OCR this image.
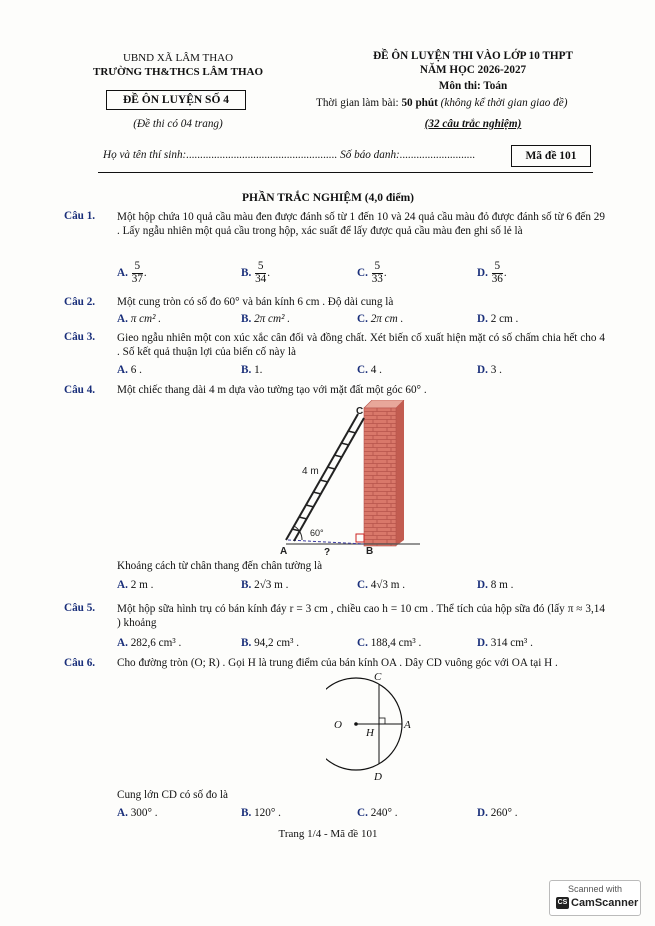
UBND XÃ LÂM THAO
TRƯỜNG TH&THCS LÂM THAO
ĐỀ ÔN LUYỆN SỐ 4
(Đề thi có 04 trang)
ĐỀ ÔN LUYỆN THI VÀO LỚP 10 THPT
NĂM HỌC 2026-2027
Môn thi: Toán
Thời gian làm bài: 50 phút (không kể thời gian giao đề)
(32 câu trắc nghiệm)
Họ và tên thí sinh:...................................................... Số báo danh:...........................	Mã đề 101
PHẦN TRẮC NGHIỆM (4,0 điểm)
Câu 1. Một hộp chứa 10 quả cầu màu đen được đánh số từ 1 đến 10 và 24 quả cầu màu đỏ được đánh số từ 6 đến 29 . Lấy ngẫu nhiên một quả cầu trong hộp, xác suất để lấy được quả cầu màu đen ghi số lẻ là
A. $\frac{5}{37}$ .	B. $\frac{5}{34}$ .	C. $\frac{5}{33}$ .	D. $\frac{5}{36}$ .
Câu 2. Một cung tròn có số đo 60° và bán kính 6 cm . Độ dài cung là
A. π cm² .	B. 2π cm² .	C. 2π cm .	D. 2 cm .
Câu 3. Gieo ngẫu nhiên một con xúc xắc cân đối và đồng chất. Xét biến cố xuất hiện mặt có số chấm chia hết cho 4 . Số kết quả thuận lợi của biến cố này là
A. 6 .	B. 1.	C. 4 .	D. 3 .
Câu 4. Một chiếc thang dài 4 m dựa vào tường tạo với mặt đất một góc 60° .
C
4 m
60°
A	?	B
Khoảng cách từ chân thang đến chân tường là
A. 2 m .	B. 2√3 m .	C. 4√3 m .	D. 8 m .
Câu 5. Một hộp sữa hình trụ có bán kính đáy r = 3 cm , chiều cao h = 10 cm . Thể tích của hộp sữa đó (lấy π ≈ 3,14 ) khoảng
A. 282,6 cm³ .	B. 94,2 cm³ .	C. 188,4 cm³ .	D. 314 cm³ .
Câu 6. Cho đường tròn (O; R) . Gọi H là trung điểm của bán kính OA . Dây CD vuông góc với OA tại H .
C
O
H
A
D
Cung lớn CD có số đo là
A. 300° .	B. 120° .	C. 240° .	D. 260° .
Trang 1/4 - Mã đề 101
Scanned with
CS CamScanner
